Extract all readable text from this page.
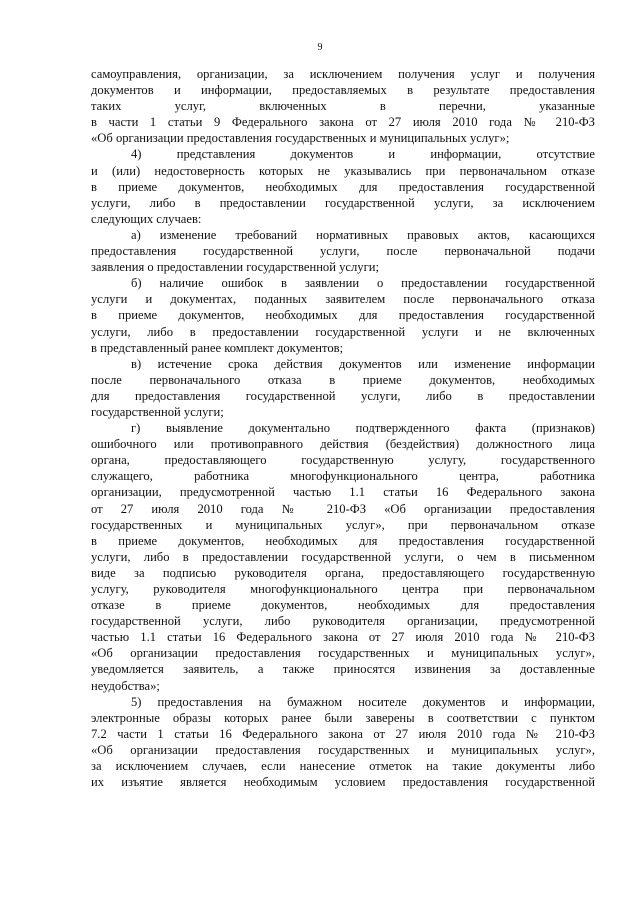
9
самоуправления, организации, за исключением получения услуг и получения
документов и информации, предоставляемых в результате предоставления
таких услуг, включенных в перечни, указанные
в части 1 статьи 9 Федерального закона от 27 июля 2010 года № 210-ФЗ
«Об организации предоставления государственных и муниципальных услуг»;
4) представления документов и информации, отсутствие
и (или) недостоверность которых не указывались при первоначальном отказе
в приеме документов, необходимых для предоставления государственной
услуги, либо в предоставлении государственной услуги, за исключением
следующих случаев:
а) изменение требований нормативных правовых актов, касающихся
предоставления государственной услуги, после первоначальной подачи
заявления о предоставлении государственной услуги;
б) наличие ошибок в заявлении о предоставлении государственной
услуги и документах, поданных заявителем после первоначального отказа
в приеме документов, необходимых для предоставления государственной
услуги, либо в предоставлении государственной услуги и не включенных
в представленный ранее комплект документов;
в) истечение срока действия документов или изменение информации
после первоначального отказа в приеме документов, необходимых
для предоставления государственной услуги, либо в предоставлении
государственной услуги;
г) выявление документально подтвержденного факта (признаков)
ошибочного или противоправного действия (бездействия) должностного лица
органа, предоставляющего государственную услугу, государственного
служащего, работника многофункционального центра, работника
организации, предусмотренной частью 1.1 статьи 16 Федерального закона
от 27 июля 2010 года № 210-ФЗ «Об организации предоставления
государственных и муниципальных услуг», при первоначальном отказе
в приеме документов, необходимых для предоставления государственной
услуги, либо в предоставлении государственной услуги, о чем в письменном
виде за подписью руководителя органа, предоставляющего государственную
услугу, руководителя многофункционального центра при первоначальном
отказе в приеме документов, необходимых для предоставления
государственной услуги, либо руководителя организации, предусмотренной
частью 1.1 статьи 16 Федерального закона от 27 июля 2010 года № 210-ФЗ
«Об организации предоставления государственных и муниципальных услуг»,
уведомляется заявитель, а также приносятся извинения за доставленные
неудобства»;
5) предоставления на бумажном носителе документов и информации,
электронные образы которых ранее были заверены в соответствии с пунктом
7.2 части 1 статьи 16 Федерального закона от 27 июля 2010 года № 210-ФЗ
«Об организации предоставления государственных и муниципальных услуг»,
за исключением случаев, если нанесение отметок на такие документы либо
их изъятие является необходимым условием предоставления государственной
